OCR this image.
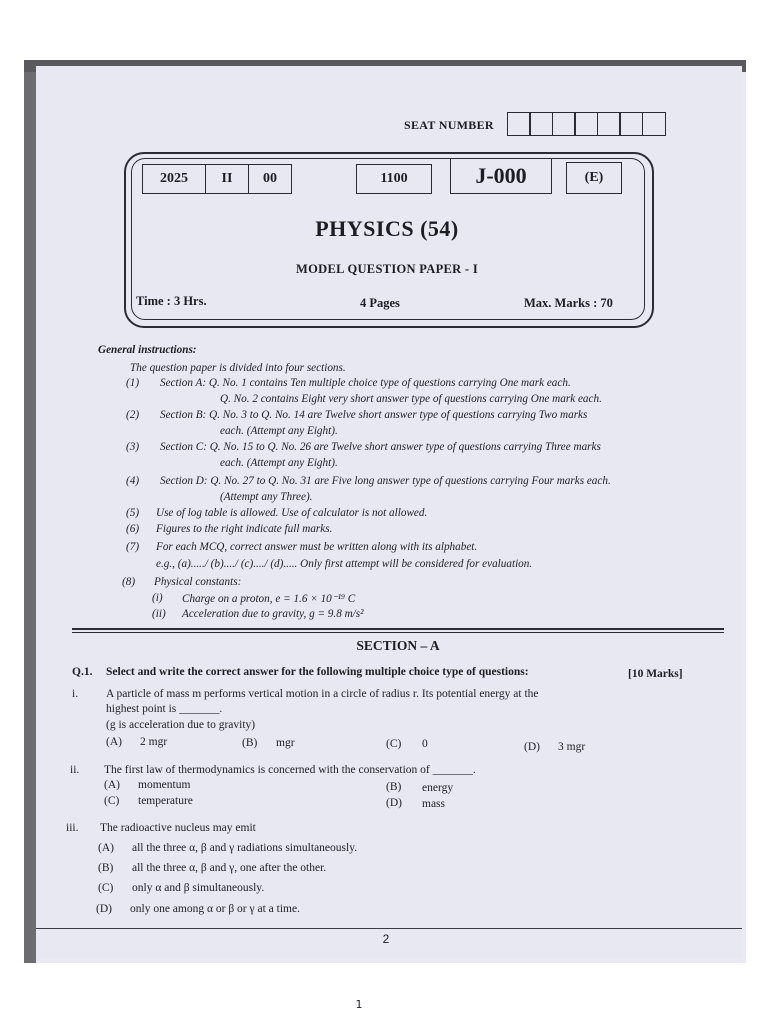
SEAT NUMBER
2025	II	00	1100	J-000	(E)
PHYSICS (54)
MODEL QUESTION PAPER - I
Time : 3 Hrs.	4 Pages	Max. Marks : 70
General instructions:
The question paper is divided into four sections.
(1) Section A: Q. No. 1 contains Ten multiple choice type of questions carrying One mark each.
Q. No. 2 contains Eight very short answer type of questions carrying One mark each.
(2) Section B: Q. No. 3 to Q. No. 14 are Twelve short answer type of questions carrying Two marks
each. (Attempt any Eight).
(3) Section C: Q. No. 15 to Q. No. 26 are Twelve short answer type of questions carrying Three marks
each. (Attempt any Eight).
(4) Section D: Q. No. 27 to Q. No. 31 are Five long answer type of questions carrying Four marks each.
(Attempt any Three).
(5) Use of log table is allowed. Use of calculator is not allowed.
(6) Figures to the right indicate full marks.
(7) For each MCQ, correct answer must be written along with its alphabet.
e.g., (a)...../ (b)..../ (c)..../ (d)..... Only first attempt will be considered for evaluation.
(8) Physical constants:
(i) Charge on a proton, e = 1.6 × 10⁻¹⁹ C
(ii) Acceleration due to gravity, g = 9.8 m/s²
SECTION – A
Q.1. Select and write the correct answer for the following multiple choice type of questions:	[10 Marks]
i. A particle of mass m performs vertical motion in a circle of radius r. Its potential energy at the
highest point is _______.
(g is acceleration due to gravity)
(A) 2 mgr	(B) mgr	(C) 0	(D) 3 mgr
ii. The first law of thermodynamics is concerned with the conservation of _______.
(A) momentum	(B) energy
(C) temperature	(D) mass
iii. The radioactive nucleus may emit
(A) all the three α, β and γ radiations simultaneously.
(B) all the three α, β and γ, one after the other.
(C) only α and β simultaneously.
(D) only one among α or β or γ at a time.
2
1
